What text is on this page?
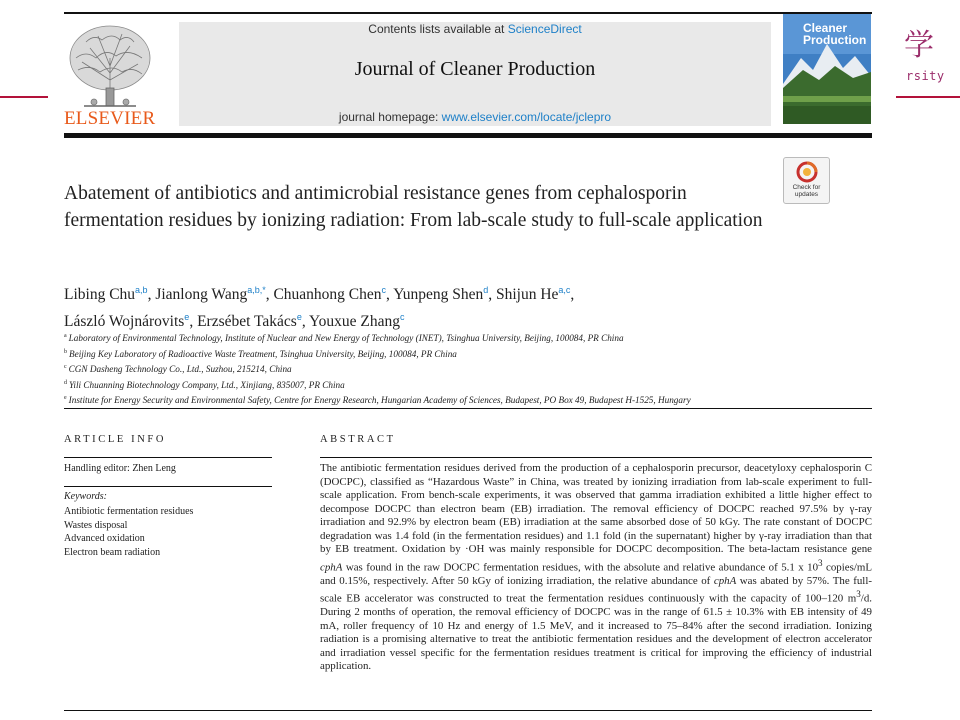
学
rsity
ELSEVIER
Contents lists available at ScienceDirect
Journal of Cleaner Production
journal homepage: www.elsevier.com/locate/jclepro
Cleaner Production
Check for updates
Abatement of antibiotics and antimicrobial resistance genes from cephalosporin fermentation residues by ionizing radiation: From lab-scale study to full-scale application
Libing Chu$^{a,b}$, Jianlong Wang$^{a,b,*}$, Chuanhong Chen$^c$, Yunpeng Shen$^d$, Shijun He$^{a,c}$,
László Wojnárovits$^e$, Erzsébet Takács$^e$, Youxue Zhang$^c$
$^a$ Laboratory of Environmental Technology, Institute of Nuclear and New Energy of Technology (INET), Tsinghua University, Beijing, 100084, PR China
$^b$ Beijing Key Laboratory of Radioactive Waste Treatment, Tsinghua University, Beijing, 100084, PR China
$^c$ CGN Dasheng Technology Co., Ltd., Suzhou, 215214, China
$^d$ Yili Chuanning Biotechnology Company, Ltd., Xinjiang, 835007, PR China
$^e$ Institute for Energy Security and Environmental Safety, Centre for Energy Research, Hungarian Academy of Sciences, Budapest, PO Box 49, Budapest H-1525, Hungary
ARTICLE INFO
Handling editor: Zhen Leng
Keywords:
Antibiotic fermentation residues
Wastes disposal
Advanced oxidation
Electron beam radiation
ABSTRACT
The antibiotic fermentation residues derived from the production of a cephalosporin precursor, deacetyloxy cephalosporin C (DOCPC), classified as “Hazardous Waste” in China, was treated by ionizing irradiation from lab-scale experiment to full-scale application. From bench-scale experiments, it was observed that gamma irradiation exhibited a little higher effect to decompose DOCPC than electron beam (EB) irradiation. The removal efficiency of DOCPC reached 97.5% by γ-ray irradiation and 92.9% by electron beam (EB) irradiation at the same absorbed dose of 50 kGy. The rate constant of DOCPC degradation was 1.4 fold (in the fermentation residues) and 1.1 fold (in the supernatant) higher by γ-ray irradiation than that by EB treatment. Oxidation by ·OH was mainly responsible for DOCPC decomposition. The beta-lactam resistance gene cphA was found in the raw DOCPC fermentation residues, with the absolute and relative abundance of 5.1 x $10^3$ copies/mL and 0.15%, respectively. After 50 kGy of ionizing irradiation, the relative abundance of cphA was abated by 57%. The full-scale EB accelerator was constructed to treat the fermentation residues continuously with the capacity of 100–120 $m^3/d$. During 2 months of operation, the removal efficiency of DOCPC was in the range of 61.5 ± 10.3% with EB intensity of 49 mA, roller frequency of 10 Hz and energy of 1.5 MeV, and it increased to 75–84% after the second irradiation. Ionizing radiation is a promising alternative to treat the antibiotic fermentation residues and the development of electron accelerator and irradiation vessel specific for the fermentation residues treatment is critical for improving the efficiency of industrial application.
